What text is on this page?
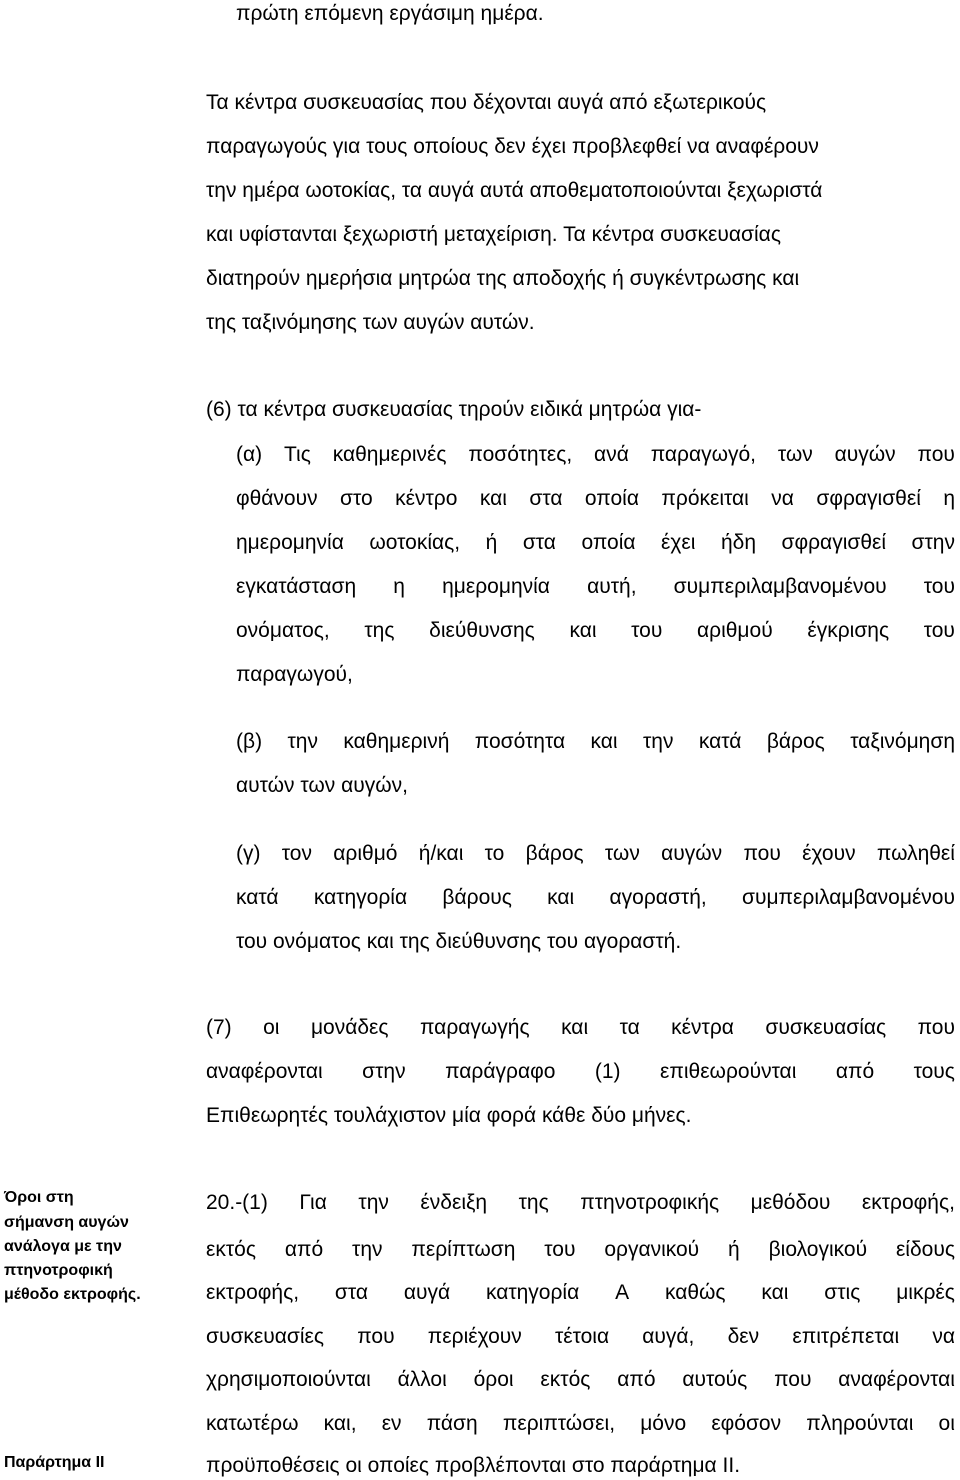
πρώτη επόμενη εργάσιμη ημέρα.
Τα κέντρα συσκευασίας που δέχονται αυγά από εξωτερικούς
παραγωγούς για τους οποίους δεν έχει προβλεφθεί να αναφέρουν
την ημέρα ωοτοκίας, τα αυγά αυτά αποθεματοποιούνται ξεχωριστά
και υφίστανται ξεχωριστή μεταχείριση. Τα κέντρα συσκευασίας
διατηρούν ημερήσια μητρώα της αποδοχής ή συγκέντρωσης και
της ταξινόμησης των αυγών αυτών.
(6) τα κέντρα συσκευασίας τηρούν ειδικά μητρώα για-
(α) Τις καθημερινές ποσότητες, ανά παραγωγό, των αυγών που
φθάνουν στο κέντρο και στα οποία πρόκειται να σφραγισθεί η
ημερομηνία ωοτοκίας, ή στα οποία έχει ήδη σφραγισθεί στην
εγκατάσταση η ημερομηνία αυτή, συμπεριλαμβανομένου του
ονόματος, της διεύθυνσης και του αριθμού έγκρισης του
παραγωγού,
(β) την καθημερινή ποσότητα και την κατά βάρος ταξινόμηση
αυτών των αυγών,
(γ) τον αριθμό ή/και το βάρος των αυγών που έχουν πωληθεί
κατά κατηγορία βάρους και αγοραστή, συμπεριλαμβανομένου
του ονόματος και της διεύθυνσης του αγοραστή.
(7) οι μονάδες παραγωγής και τα κέντρα συσκευασίας που
αναφέρονται στην παράγραφο (1) επιθεωρούνται από τους
Επιθεωρητές τουλάχιστον μία φορά κάθε δύο μήνες.
Όροι στη
σήμανση αυγών
ανάλογα με την
πτηνοτροφική
μέθοδο εκτροφής.
Παράρτημα ΙΙ
20.-(1) Για την ένδειξη της πτηνοτροφικής μεθόδου εκτροφής,
εκτός από την περίπτωση του οργανικού ή βιολογικού είδους
εκτροφής, στα αυγά κατηγορία Α καθώς και στις μικρές
συσκευασίες που περιέχουν τέτοια αυγά, δεν επιτρέπεται να
χρησιμοποιούνται άλλοι όροι εκτός από αυτούς που αναφέρονται
κατωτέρω και, εν πάση περιπτώσει, μόνο εφόσον πληρούνται οι
προϋποθέσεις οι οποίες προβλέπονται στο παράρτημα ΙΙ.
